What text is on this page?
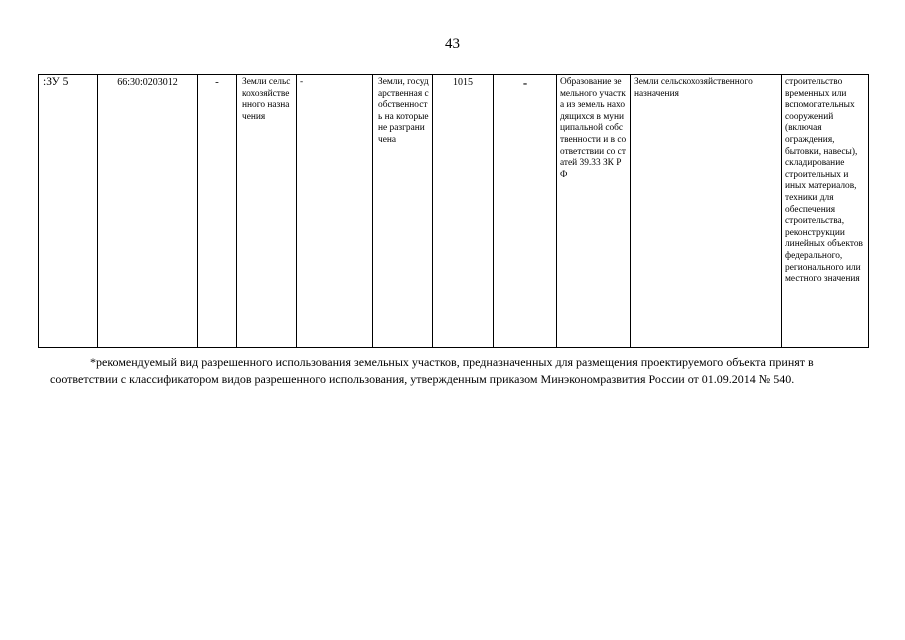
43
:ЗУ 5	66:30:0203012	-	Земли сельскохозяйственного назначения	-	Земли, государственная собственность на которые не разграничена	1015	-	Образование земельного участка из земель находящихся в муниципальной собственности и в соответствии со статей 39.33 ЗК РФ	Земли сельскохозяйственного назначения	строительство временных или вспомогательных сооружений (включая ограждения, бытовки, навесы), складирование строительных и иных материалов, техники для обеспечения строительства, реконструкции линейных объектов федерального, регионального или местного значения
*рекомендуемый вид разрешенного использования земельных участков, предназначенных для размещения проектируемого объекта принят в соответствии с классификатором видов разрешенного использования, утвержденным приказом Минэкономразвития России от 01.09.2014 № 540.
